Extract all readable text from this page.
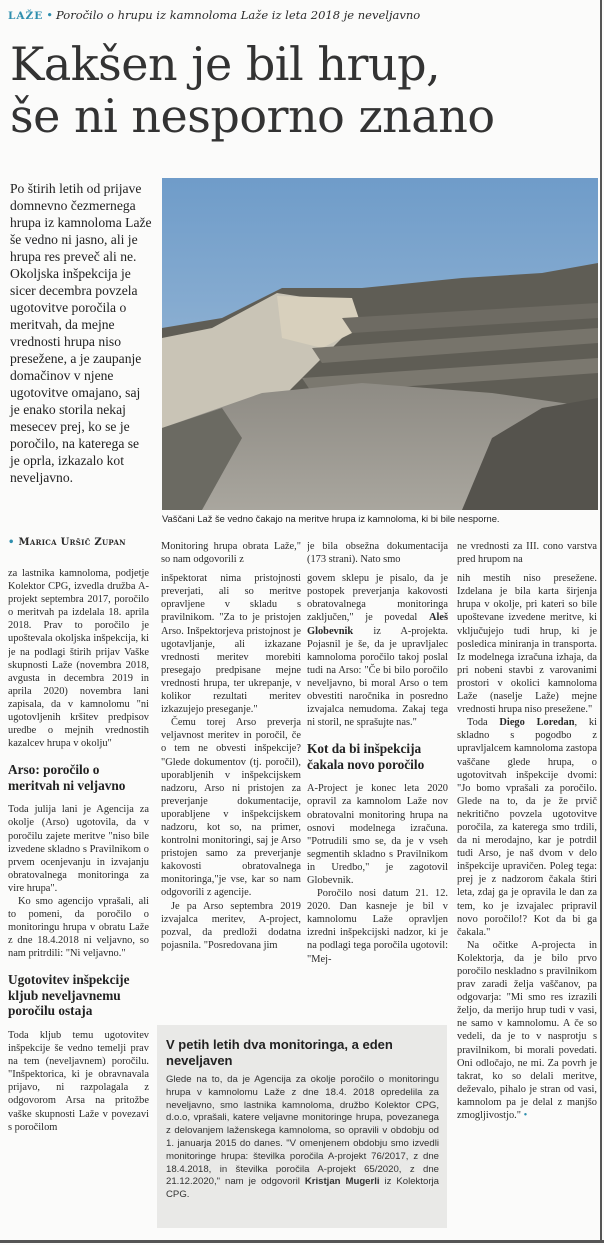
LAŽE • Poročilo o hrupu iz kamnoloma Laže iz leta 2018 je neveljavno
Kakšen je bil hrup,
še ni nesporno znano
Po štirih letih od prijave domnevno čezmernega hrupa iz kamnoloma Laže še vedno ni jasno, ali je hrupa res preveč ali ne. Okoljska inšpekcija je sicer decembra povzela ugotovitve poročila o meritvah, da mejne vrednosti hrupa niso presežene, a je zaupanje domačinov v njene ugotovitve omajano, saj je enako storila nekaj mesecev prej, ko se je poročilo, na katerega se je oprla, izkazalo kot neveljavno.
Vaščani Laž še vedno čakajo na meritve hrupa iz kamnoloma, ki bi bile nesporne.
• Marica Uršič Zupan

za lastnika kamnoloma, podjetje Kolektor CPG, izvedla družba A-projekt septembra 2017, poročilo o meritvah pa izdelala 18. aprila 2018. Prav to poročilo je upoštevala okoljska inšpekcija, ki je na podlagi štirih prijav Vaške skupnosti Laže (novembra 2018, avgusta in decembra 2019 in aprila 2020) novembra lani zapisala, da v kamnolomu "ni ugotovljenih kršitev predpisov uredbe o mejnih vrednostih kazalcev hrupa v okolju"

Arso: poročilo o meritvah ni veljavno

Toda julija lani je Agencija za okolje (Arso) ugotovila, da v poročilu zajete meritve "niso bile izvedene skladno s Pravilnikom o prvem ocenjevanju in izvajanju obratovalnega monitoringa za vire hrupa".

Ko smo agencijo vprašali, ali to pomeni, da poročilo o monitoringu hrupa v obratu Laže z dne 18.4.2018 ni veljavno, so nam pritrdili: "Ni veljavno."

Ugotovitev inšpekcije kljub neveljavnemu poročilu ostaja

Toda kljub temu ugotovitev inšpekcije še vedno temelji prav na tem (neveljavnem) poročilu. "Inšpektorica, ki je obravnavala prijavo, ni razpolagala z odgovorom Arsa na pritožbe vaške skupnosti Laže v povezavi s poročilom

Monitoring hrupa obrata Laže," so nam odgovorili z

inšpektorat nima pristojnosti preverjati, ali so meritve opravljene v skladu s pravilnikom. "Za to je pristojen Arso. Inšpektorjeva pristojnost je ugotavljanje, ali izkazane vrednosti meritev morebiti presegajo predpisane mejne vrednosti hrupa, ter ukrepanje, v kolikor rezultati meritev izkazujejo preseganje."

Čemu torej Arso preverja veljavnost meritev in poročil, če o tem ne obvesti inšpekcije? "Glede dokumentov (tj. poročil), uporabljenih v inšpekcijskem nadzoru, Arso ni pristojen za preverjanje dokumentacije, uporabljene v inšpekcijskem nadzoru, kot so, na primer, kontrolni monitoringi, saj je Arso pristojen samo za preverjanje kakovosti obratovalnega monitoringa,"je vse, kar so nam odgovorili z agencije.

Je pa Arso septembra 2019 izvajalca meritev, A-project, pozval, da predloži dodatna pojasnila. "Posredovana jim

je bila obsežna dokumentacija (173 strani). Nato smo

govem sklepu je pisalo, da je postopek preverjanja kakovosti obratovalnega monitoringa zaključen," je povedal Aleš Globevnik iz A-projekta. Pojasnil je še, da je upravljalec kamnoloma poročilo takoj poslal tudi na Arso: "Če bi bilo poročilo neveljavno, bi moral Arso o tem obvestiti naročnika in posredno izvajalca nemudoma. Zakaj tega ni storil, ne sprašujte nas."

Kot da bi inšpekcija čakala novo poročilo

A-Project je konec leta 2020 opravil za kamnolom Laže nov obratovalni monitoring hrupa na osnovi modelnega izračuna. "Potrudili smo se, da je v vseh segmentih skladno s Pravilnikom in Uredbo," je zagotovil Globevnik.

Poročilo nosi datum 21. 12. 2020. Dan kasneje je bil v kamnolomu Laže opravljen izredni inšpekcijski nadzor, ki je na podlagi tega poročila ugotovil: "Mej-

ne vrednosti za III. cono varstva pred hrupom na

nih mestih niso presežene. Izdelana je bila karta širjenja hrupa v okolje, pri kateri so bile upoštevane izvedene meritve, ki vključujejo tudi hrup, ki je posledica miniranja in transporta. Iz modelnega izračuna izhaja, da pri nobeni stavbi z varovanimi prostori v okolici kamnoloma Laže (naselje Laže) mejne vrednosti hrupa niso presežene."

Toda Diego Loredan, ki skladno s pogodbo z upravljalcem kamnoloma zastopa vaščane glede hrupa, o ugotovitvah inšpekcije dvomi: "Jo bomo vprašali za poročilo. Glede na to, da je že prvič nekritično povzela ugotovitve poročila, za katerega smo trdili, da ni merodajno, kar je potrdil tudi Arso, je naš dvom v delo inšpekcije upravičen. Poleg tega: prej je z nadzorom čakala štiri leta, zdaj ga je opravila le dan za tem, ko je izvajalec pripravil novo poročilo!? Kot da bi ga čakala."

Na očitke A-projecta in Kolektorja, da je bilo prvo poročilo neskladno s pravilnikom prav zaradi želja vaščanov, pa odgovarja: "Mi smo res izrazili željo, da merijo hrup tudi v vasi, ne samo v kamnolomu. A če so vedeli, da je to v nasprotju s pravilnikom, bi morali povedati. Oni odločajo, ne mi. Za povrh je takrat, ko so delali meritve, deževalo, pihalo je stran od vasi, kamnolom pa je delal z manjšo zmogljivostjo." •

V petih letih dva monitoringa, a eden neveljaven

Glede na to, da je Agencija za okolje poročilo o monitoringu hrupa v kamnolomu Laže z dne 18.4. 2018 opredelila za neveljavno, smo lastnika kamnoloma, družbo Kolektor CPG, d.o.o, vprašali, katere veljavne monitoringe hrupa, povezanega z delovanjem laženskega kamnoloma, so opravili v obdobju od 1. januarja 2015 do danes. "V omenjenem obdobju smo izvedli monitoringe hrupa: številka poročila A-projekt 76/2017, z dne 18.4.2018, in številka poročila A-projekt 65/2020, z dne 21.12.2020," nam je odgovoril Kristjan Mugerli iz Kolektorja CPG.
